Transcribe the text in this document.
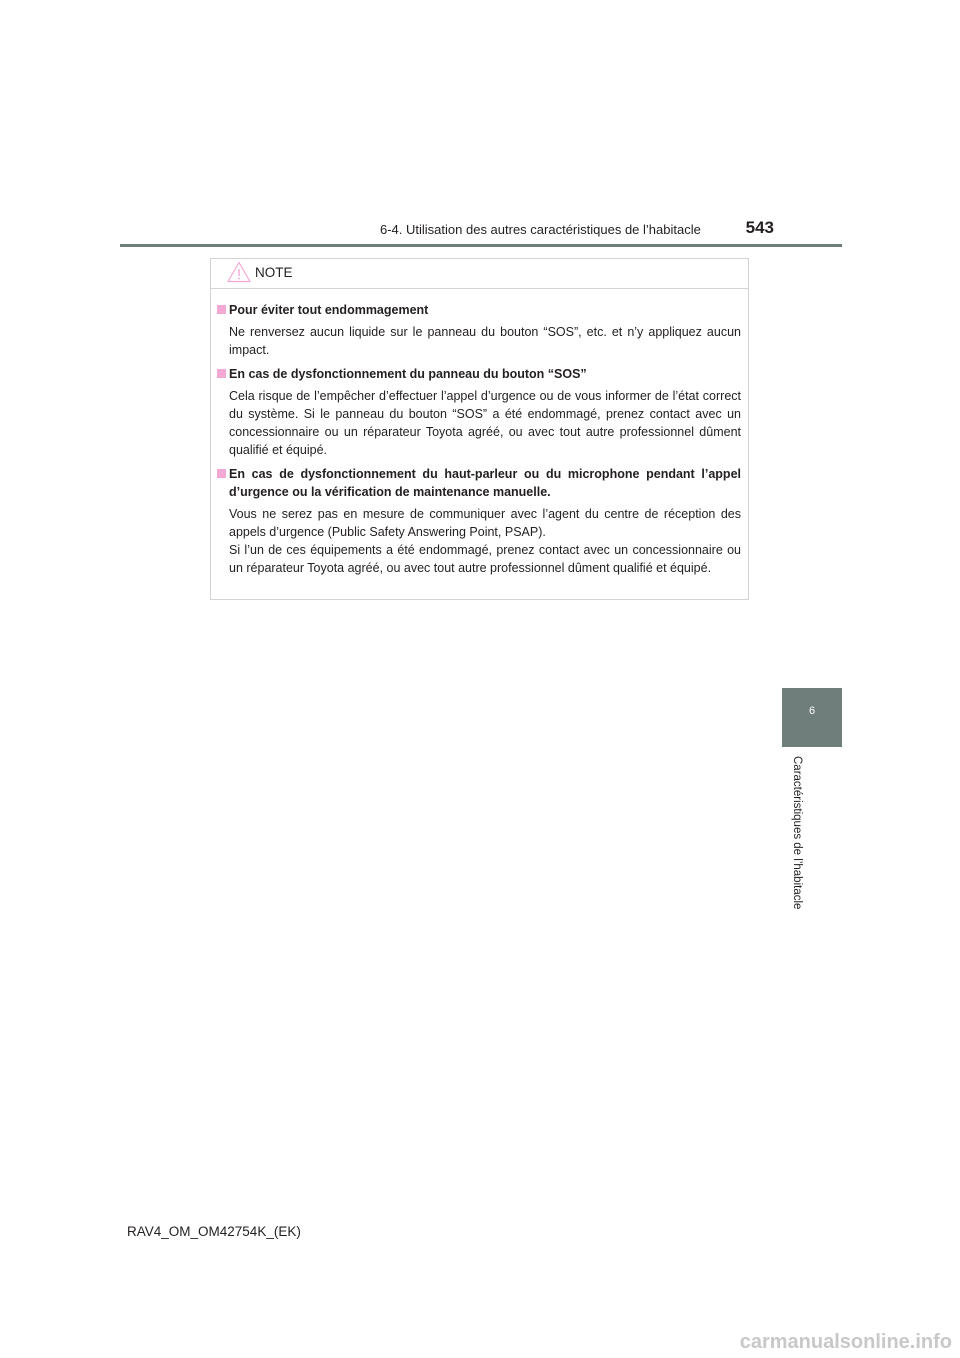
6-4. Utilisation des autres caractéristiques de l’habitacle	543
NOTE
Pour éviter tout endommagement
Ne renversez aucun liquide sur le panneau du bouton “SOS”, etc. et n’y appliquez aucun impact.
En cas de dysfonctionnement du panneau du bouton “SOS”
Cela risque de l’empêcher d’effectuer l’appel d’urgence ou de vous informer de l’état correct du système. Si le panneau du bouton “SOS” a été endommagé, prenez contact avec un concessionnaire ou un réparateur Toyota agréé, ou avec tout autre professionnel dûment qualifié et équipé.
En cas de dysfonctionnement du haut-parleur ou du microphone pendant l’appel d’urgence ou la vérification de maintenance manuelle.
Vous ne serez pas en mesure de communiquer avec l’agent du centre de réception des appels d’urgence (Public Safety Answering Point, PSAP).
Si l’un de ces équipements a été endommagé, prenez contact avec un concessionnaire ou un réparateur Toyota agréé, ou avec tout autre professionnel dûment qualifié et équipé.
6
Caractéristiques de l’habitacle
RAV4_OM_OM42754K_(EK)
carmanualsonline.info
